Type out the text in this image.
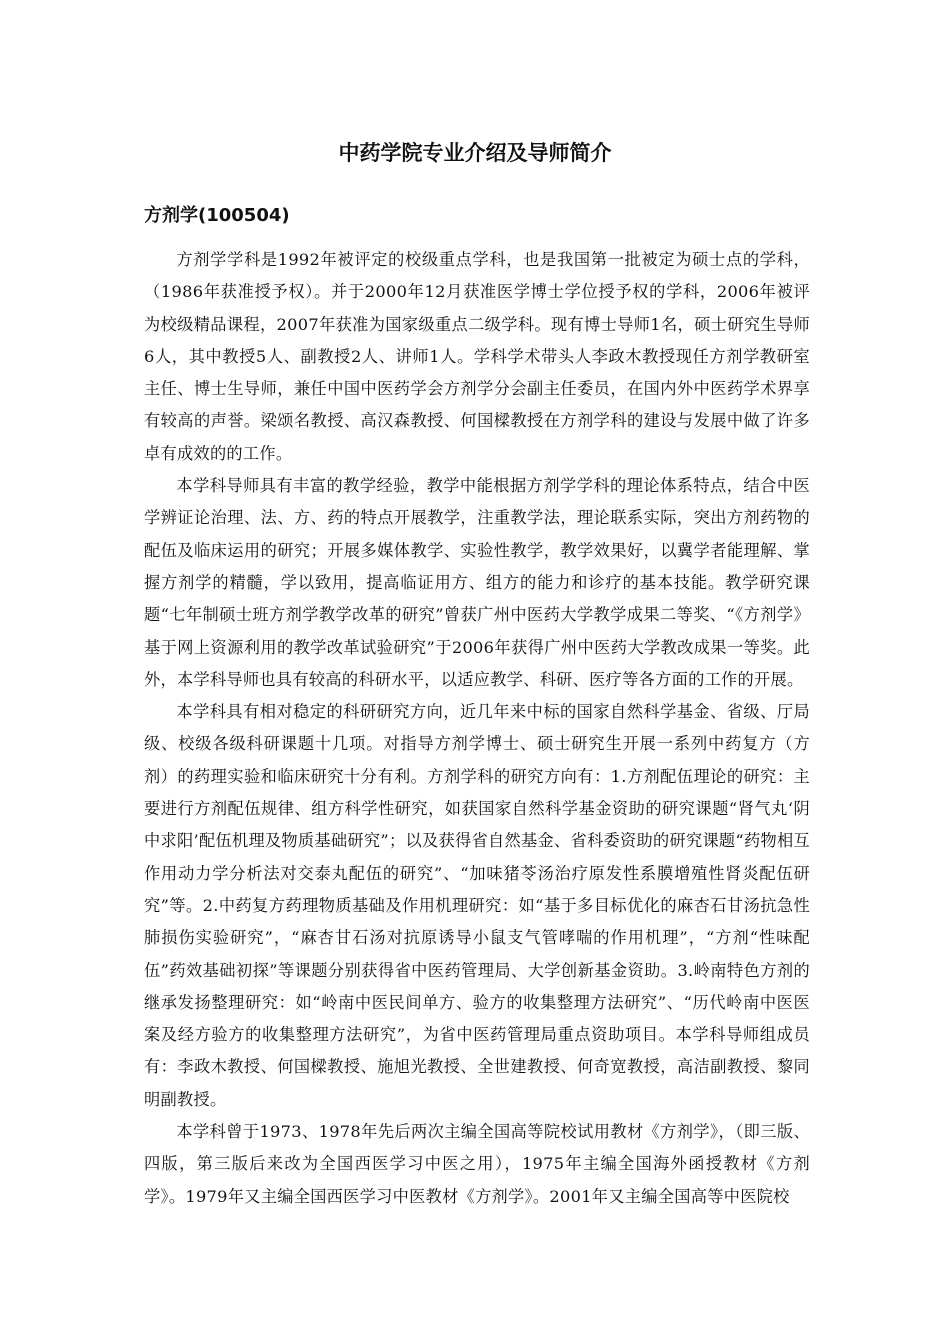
中药学院专业介绍及导师简介
方剂学(100504)

方剂学学科是1992年被评定的校级重点学科，也是我国第一批被定为硕士点的学科，（1986年获准授予权）。并于2000年12月获准医学博士学位授予权的学科，2006年被评为校级精品课程，2007年获准为国家级重点二级学科。现有博士导师1名，硕士研究生导师6人，其中教授5人、副教授2人、讲师1人。学科学术带头人李政木教授现任方剂学教研室主任、博士生导师，兼任中国中医药学会方剂学分会副主任委员，在国内外中医药学术界享有较高的声誉。梁颂名教授、高汉森教授、何国樑教授在方剂学科的建设与发展中做了许多卓有成效的的工作。

本学科导师具有丰富的教学经验，教学中能根据方剂学学科的理论体系特点，结合中医学辨证论治理、法、方、药的特点开展教学，注重教学法，理论联系实际，突出方剂药物的配伍及临床运用的研究；开展多媒体教学、实验性教学，教学效果好，以冀学者能理解、掌握方剂学的精髓，学以致用，提高临证用方、组方的能力和诊疗的基本技能。教学研究课题“七年制硕士班方剂学教学改革的研究”曾获广州中医药大学教学成果二等奖、“《方剂学》基于网上资源利用的教学改革试验研究”于2006年获得广州中医药大学教改成果一等奖。此外，本学科导师也具有较高的科研水平，以适应教学、科研、医疗等各方面的工作的开展。

本学科具有相对稳定的科研研究方向，近几年来中标的国家自然科学基金、省级、厅局级、校级各级科研课题十几项。对指导方剂学博士、硕士研究生开展一系列中药复方（方剂）的药理实验和临床研究十分有利。方剂学科的研究方向有：1.方剂配伍理论的研究：主要进行方剂配伍规律、组方科学性研究，如获国家自然科学基金资助的研究课题“肾气丸‘阴中求阳’配伍机理及物质基础研究”；以及获得省自然基金、省科委资助的研究课题“药物相互作用动力学分析法对交泰丸配伍的研究”、“加味猪苓汤治疗原发性系膜增殖性肾炎配伍研究”等。2.中药复方药理物质基础及作用机理研究：如“基于多目标优化的麻杏石甘汤抗急性肺损伤实验研究”，“麻杏甘石汤对抗原诱导小鼠支气管哮喘的作用机理”，“方剂“性味配伍”药效基础初探”等课题分别获得省中医药管理局、大学创新基金资助。3.岭南特色方剂的继承发扬整理研究：如“岭南中医民间单方、验方的收集整理方法研究”、“历代岭南中医医案及经方验方的收集整理方法研究”，为省中医药管理局重点资助项目。本学科导师组成员有：李政木教授、何国樑教授、施旭光教授、全世建教授、何奇宽教授，高洁副教授、黎同明副教授。

本学科曾于1973、1978年先后两次主编全国高等院校试用教材《方剂学》，（即三版、四版，第三版后来改为全国西医学习中医之用），1975年主编全国海外函授教材《方剂学》。1979年又主编全国西医学习中医教材《方剂学》。2001年又主编全国高等中医院校
